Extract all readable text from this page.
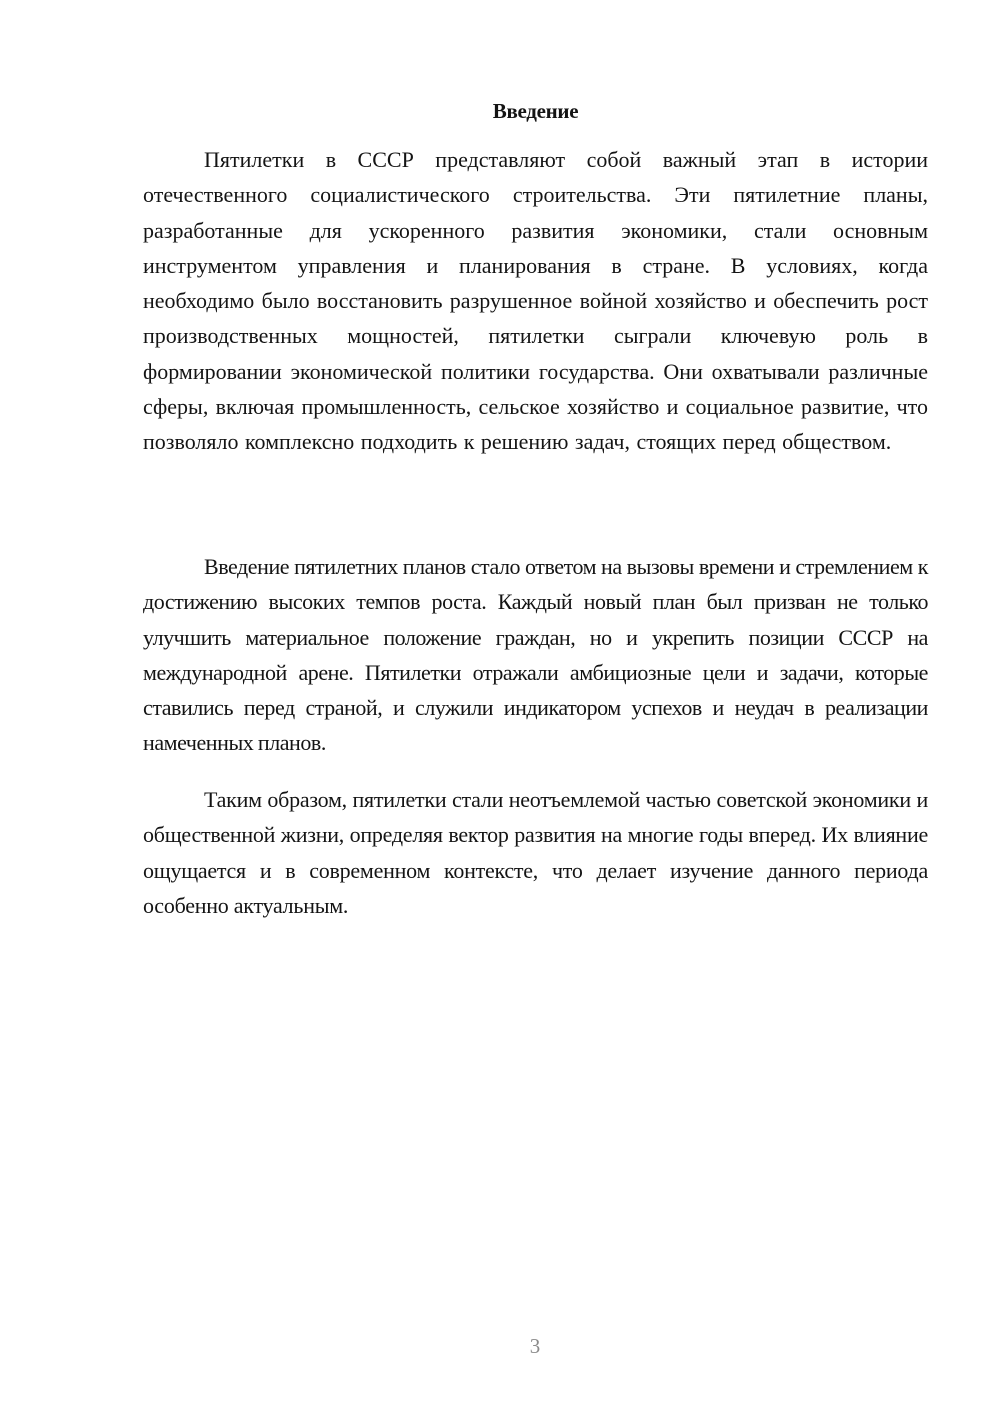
Введение

Пятилетки в СССР представляют собой важный этап в истории отечественного социалистического строительства. Эти пятилетние планы, разработанные для ускоренного развития экономики, стали основным инструментом управления и планирования в стране. В условиях, когда необходимо было восстановить разрушенное войной хозяйство и обеспечить рост производственных мощностей, пятилетки сыграли ключевую роль в формировании экономической политики государства. Они охватывали различные сферы, включая промышленность, сельское хозяйство и социальное развитие, что позволяло комплексно подходить к решению задач, стоящих перед обществом.

Введение пятилетних планов стало ответом на вызовы времени и стремлением к достижению высоких темпов роста. Каждый новый план был призван не только улучшить материальное положение граждан, но и укрепить позиции СССР на международной арене. Пятилетки отражали амбициозные цели и задачи, которые ставились перед страной, и служили индикатором успехов и неудач в реализации намеченных планов.

Таким образом, пятилетки стали неотъемлемой частью советской экономики и общественной жизни, определяя вектор развития на многие годы вперед. Их влияние ощущается и в современном контексте, что делает изучение данного периода особенно актуальным.

3
